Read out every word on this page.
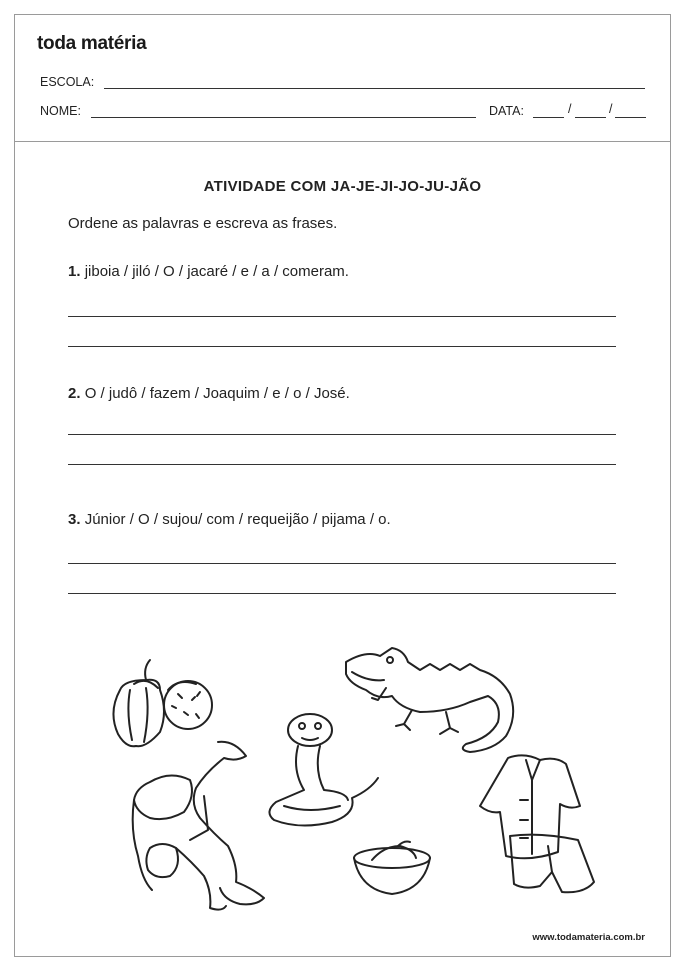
toda matéria
ESCOLA:
NOME:	DATA:	/	/
ATIVIDADE COM JA-JE-JI-JO-JU-JÃO
Ordene as palavras e escreva as frases.
1. jiboia / jiló / O / jacaré / e / a / comeram.
2. O / judô / fazem / Joaquim / e / o / José.
3. Júnior / O / sujou/ com / requeijão / pijama / o.
www.todamateria.com.br
